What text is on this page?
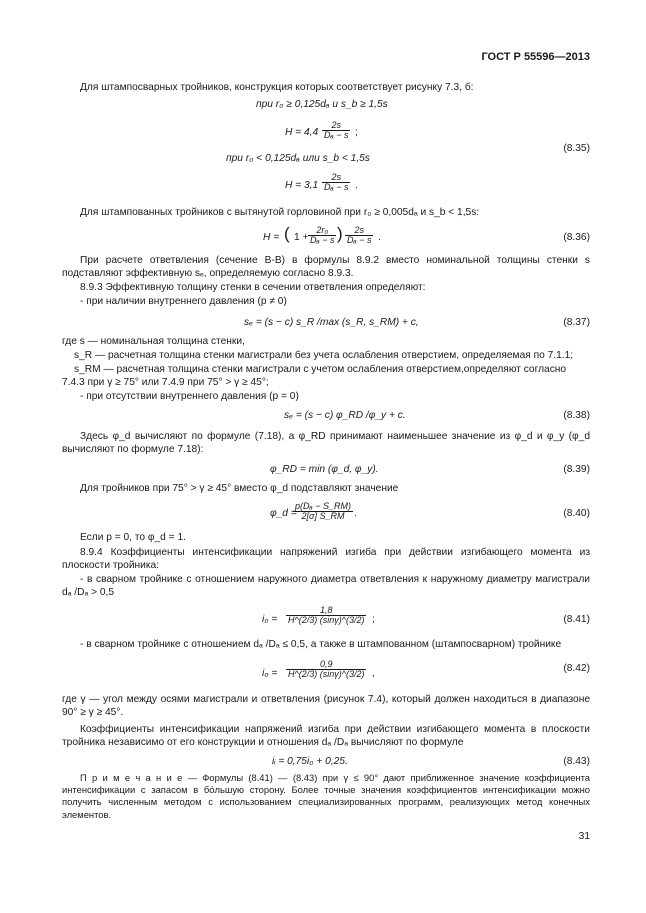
ГОСТ Р 55596—2013
Для штампосварных тройников, конструкция которых соответствует рисунку 7.3, б:
при r₀ ≥ 0,125dₐ и s_b ≥ 1,5s
$H = 4,4 \frac{2s}{\text{Dₐ − s}}$ ;
(8.35)
при r₀ < 0,125dₐ или s_b < 1,5s
$H = 3,1 \frac{2s}{\text{Dₐ − s}}$ .
Для штампованных тройников с вытянутой горловиной при r₀ ≥ 0,005dₐ и s_b < 1,5s:
H = ( $1 + \frac{\text{2r₀}}{\text{Dₐ − s}}$ ) $\frac{2s}{\text{Dₐ − s}}$ .	(8.36)
При расчете ответвления (сечение B-B) в формулы 8.9.2 вместо номинальной толщины стенки s подставляют эффективную sₑ, определяемую согласно 8.9.3.
8.9.3 Эффективную толщину стенки в сечении ответвления определяют:
- при наличии внутреннего давления (p ≠ 0)
sₑ = (s − c) s_R /max (s_R, s_RM) + c,	(8.37)
где s — номинальная толщина стенки,
s_R — расчетная толщина стенки магистрали без учета ослабления отверстием, определяемая по 7.1.1;
s_RM — расчетная толщина стенки магистрали с учетом ослабления отверстием,определяют согласно
7.4.3 при γ ≥ 75° или 7.4.9 при 75° > γ ≥ 45°;
- при отсутствии внутреннего давления (p = 0)
sₑ = (s − c) φ_RD /φ_y + c.	(8.38)
Здесь φ_d вычисляют по формуле (7.18), а φ_RD принимают наименьшее значение из φ_d и φ_y (φ_d вычисляют по формуле 7.18):
φ_RD = min (φ_d, φ_y).	(8.39)
Для тройников при 75° > γ ≥ 45° вместо φ_d подставляют значение
φ_d =
$\frac{\text{p(Dₐ − S\_RM)}}{2[\sigma] S\_RM}$ .	(8.40)
Если p = 0, то φ_d = 1.
8.9.4 Коэффициенты интенсификации напряжений изгиба при действии изгибающего момента из плоскости тройника:
- в сварном тройнике с отношением наружного диаметра ответвления к наружному диаметру магистрали dₐ /Dₐ > 0,5
$i_0 = \frac{1,8}{H\^{}(2/3) (\sin\gamma)\^{}(3/2)}$ ;	(8.41)
- в сварном тройнике с отношением dₐ /Dₐ ≤ 0,5, а также в штампованном (штампосварном) тройнике
$i_0 = \frac{0,9}{H\^{}(2/3) (\sin\gamma)\^{}(3/2)}$ ,	(8.42)
где γ — угол между осями магистрали и ответвления (рисунок 7.4), который должен находиться в диапазоне 90° ≥ γ ≥ 45°.
Коэффициенты интенсификации напряжений изгиба при действии изгибающего момента в плоскости тройника независимо от его конструкции и отношения dₐ /Dₐ вычисляют по формуле
iᵢ = 0,75i₀ + 0,25.	(8.43)
П р и м е ч а н и е — Формулы (8.41) — (8.43) при γ ≤ 90° дают приближенное значение коэффициента интенсификации с запасом в бо́льшую сторону. Более точные значения коэффициентов интенсификации можно получить численным методом с использованием специализированных программ, реализующих метод конечных элементов.
31
